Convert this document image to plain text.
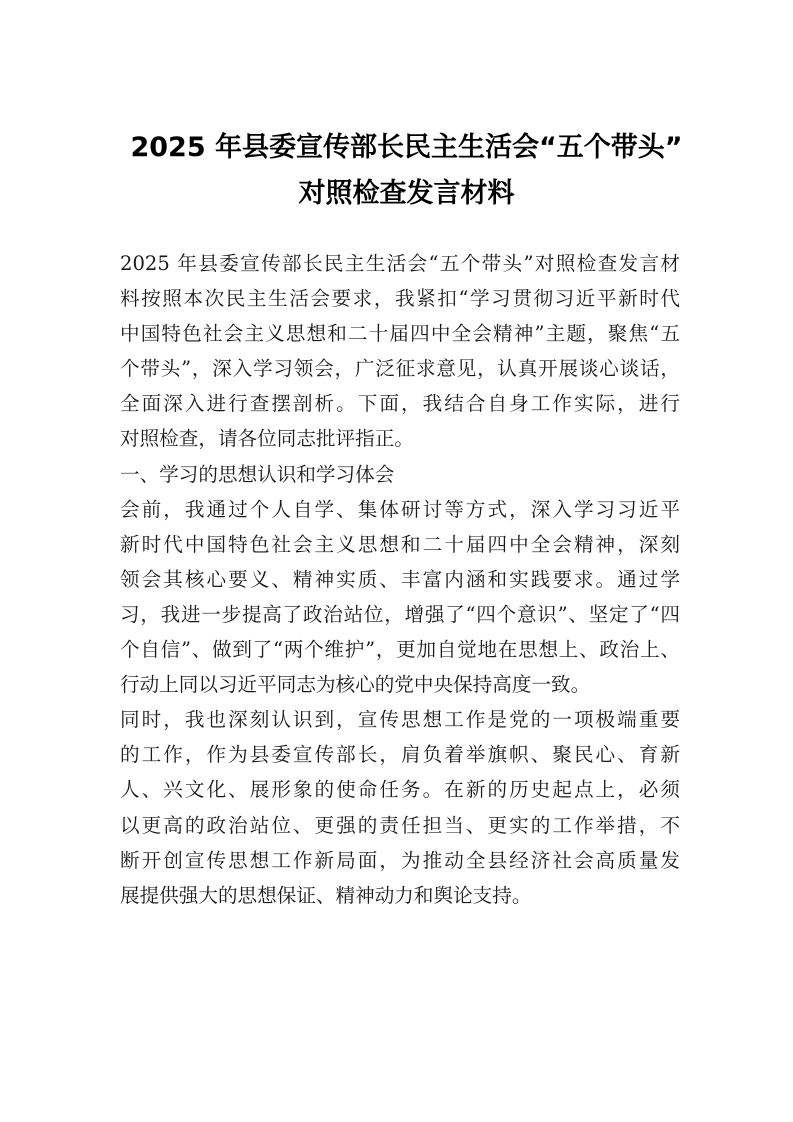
2025 年县委宣传部长民主生活会“五个带头”
对照检查发言材料
2025 年县委宣传部长民主生活会“五个带头”对照检查发言材
料按照本次民主生活会要求，我紧扣“学习贯彻习近平新时代
中国特色社会主义思想和二十届四中全会精神”主题，聚焦“五
个带头”，深入学习领会，广泛征求意见，认真开展谈心谈话，
全面深入进行查摆剖析。下面，我结合自身工作实际，进行
对照检查，请各位同志批评指正。
一、学习的思想认识和学习体会
会前，我通过个人自学、集体研讨等方式，深入学习习近平
新时代中国特色社会主义思想和二十届四中全会精神，深刻
领会其核心要义、精神实质、丰富内涵和实践要求。通过学
习，我进一步提高了政治站位，增强了“四个意识”、坚定了“四
个自信”、做到了“两个维护”，更加自觉地在思想上、政治上、
行动上同以习近平同志为核心的党中央保持高度一致。
同时，我也深刻认识到，宣传思想工作是党的一项极端重要
的工作，作为县委宣传部长，肩负着举旗帜、聚民心、育新
人、兴文化、展形象的使命任务。在新的历史起点上，必须
以更高的政治站位、更强的责任担当、更实的工作举措，不
断开创宣传思想工作新局面，为推动全县经济社会高质量发
展提供强大的思想保证、精神动力和舆论支持。
